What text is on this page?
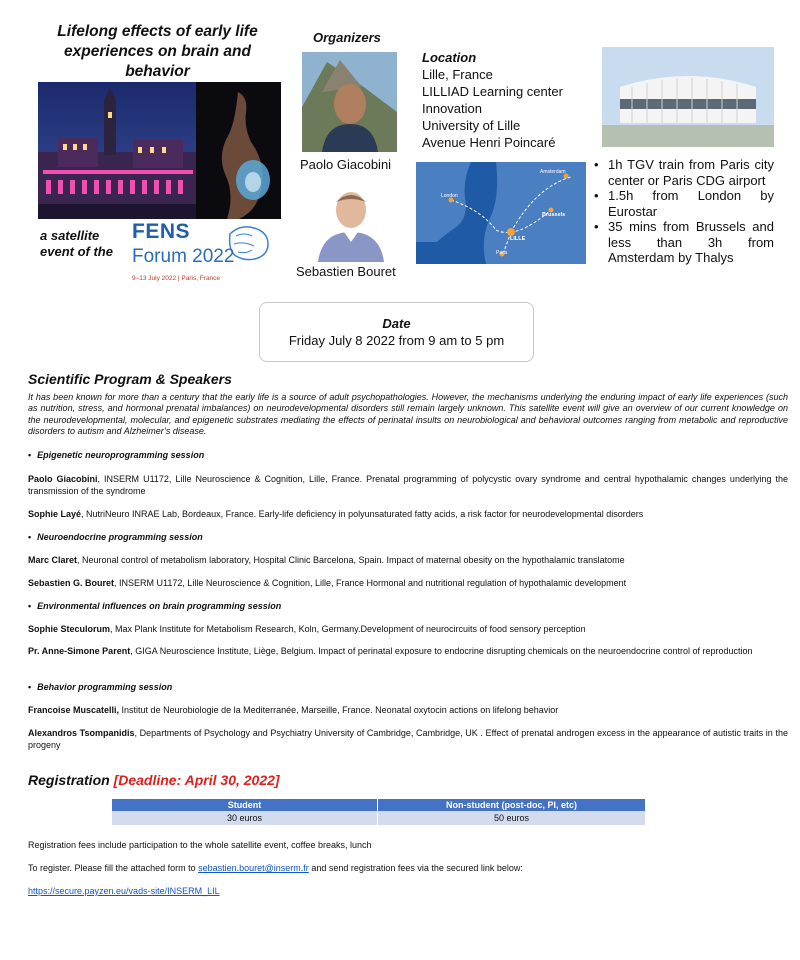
Lifelong effects of early life experiences on brain and behavior
a satellite event of the
FENS
Forum 2022
9–13 July 2022 | Paris, France
Organizers
Paolo Giacobini
Sebastien Bouret
Location
Lille, France
LILLIAD Learning center
Innovation
University of Lille
Avenue Henri Poincaré
Amsterdam
London
Brussels
LILLE
Paris
• 1h TGV train from Paris city center or Paris CDG airport
• 1.5h from London by Eurostar
• 35 mins from Brussels and less than 3h from Amsterdam by Thalys
Date
Friday July 8 2022 from 9 am to 5 pm
Scientific Program & Speakers
It has been known for more than a century that the early life is a source of adult psychopathologies. However, the mechanisms underlying the enduring impact of early life experiences (such as nutrition, stress, and hormonal prenatal imbalances) on neurodevelopmental disorders still remain largely unknown. This satellite event will give an overview of our current knowledge on the neurodevelopmental, molecular, and epigenetic substrates mediating the effects of perinatal insults on neurobiological and behavioral outcomes ranging from metabolic and reproductive disorders to autism and Alzheimer’s disease.
• Epigenetic neuroprogramming session
Paolo Giacobini, INSERM U1172, Lille Neuroscience & Cognition, Lille, France. Prenatal programming of polycystic ovary syndrome and central hypothalamic changes underlying the transmission of the syndrome
Sophie Layé, NutriNeuro INRAE Lab, Bordeaux, France. Early-life deficiency in polyunsaturated fatty acids, a risk factor for neurodevelopmental disorders
• Neuroendocrine programming session
Marc Claret, Neuronal control of metabolism laboratory, Hospital Clinic Barcelona, Spain. Impact of maternal obesity on the hypothalamic translatome
Sebastien G. Bouret, INSERM U1172, Lille Neuroscience & Cognition, Lille, France Hormonal and nutritional regulation of hypothalamic development
• Environmental influences on brain programming session
Sophie Steculorum, Max Plank Institute for Metabolism Research, Koln, Germany.Development of neurocircuits of food sensory perception
Pr. Anne-Simone Parent, GIGA Neuroscience Institute, Liège, Belgium. Impact of perinatal exposure to endocrine disrupting chemicals on the neuroendocrine control of reproduction
• Behavior programming session
Francoise Muscatelli, Institut de Neurobiologie de la Mediterranée, Marseille, France. Neonatal oxytocin actions on lifelong behavior
Alexandros Tsompanidis, Departments of Psychology and Psychiatry University of Cambridge, Cambridge, UK . Effect of prenatal androgen excess in the appearance of autistic traits in the progeny
Registration [Deadline: April 30, 2022]
Student	Non-student (post-doc, PI, etc)
30 euros	50 euros
Registration fees include participation to the whole satellite event, coffee breaks, lunch
To register. Please fill the attached form to sebastien.bouret@inserm.fr and send registration fees via the secured link below:
https://secure.payzen.eu/vads-site/INSERM_LIL
